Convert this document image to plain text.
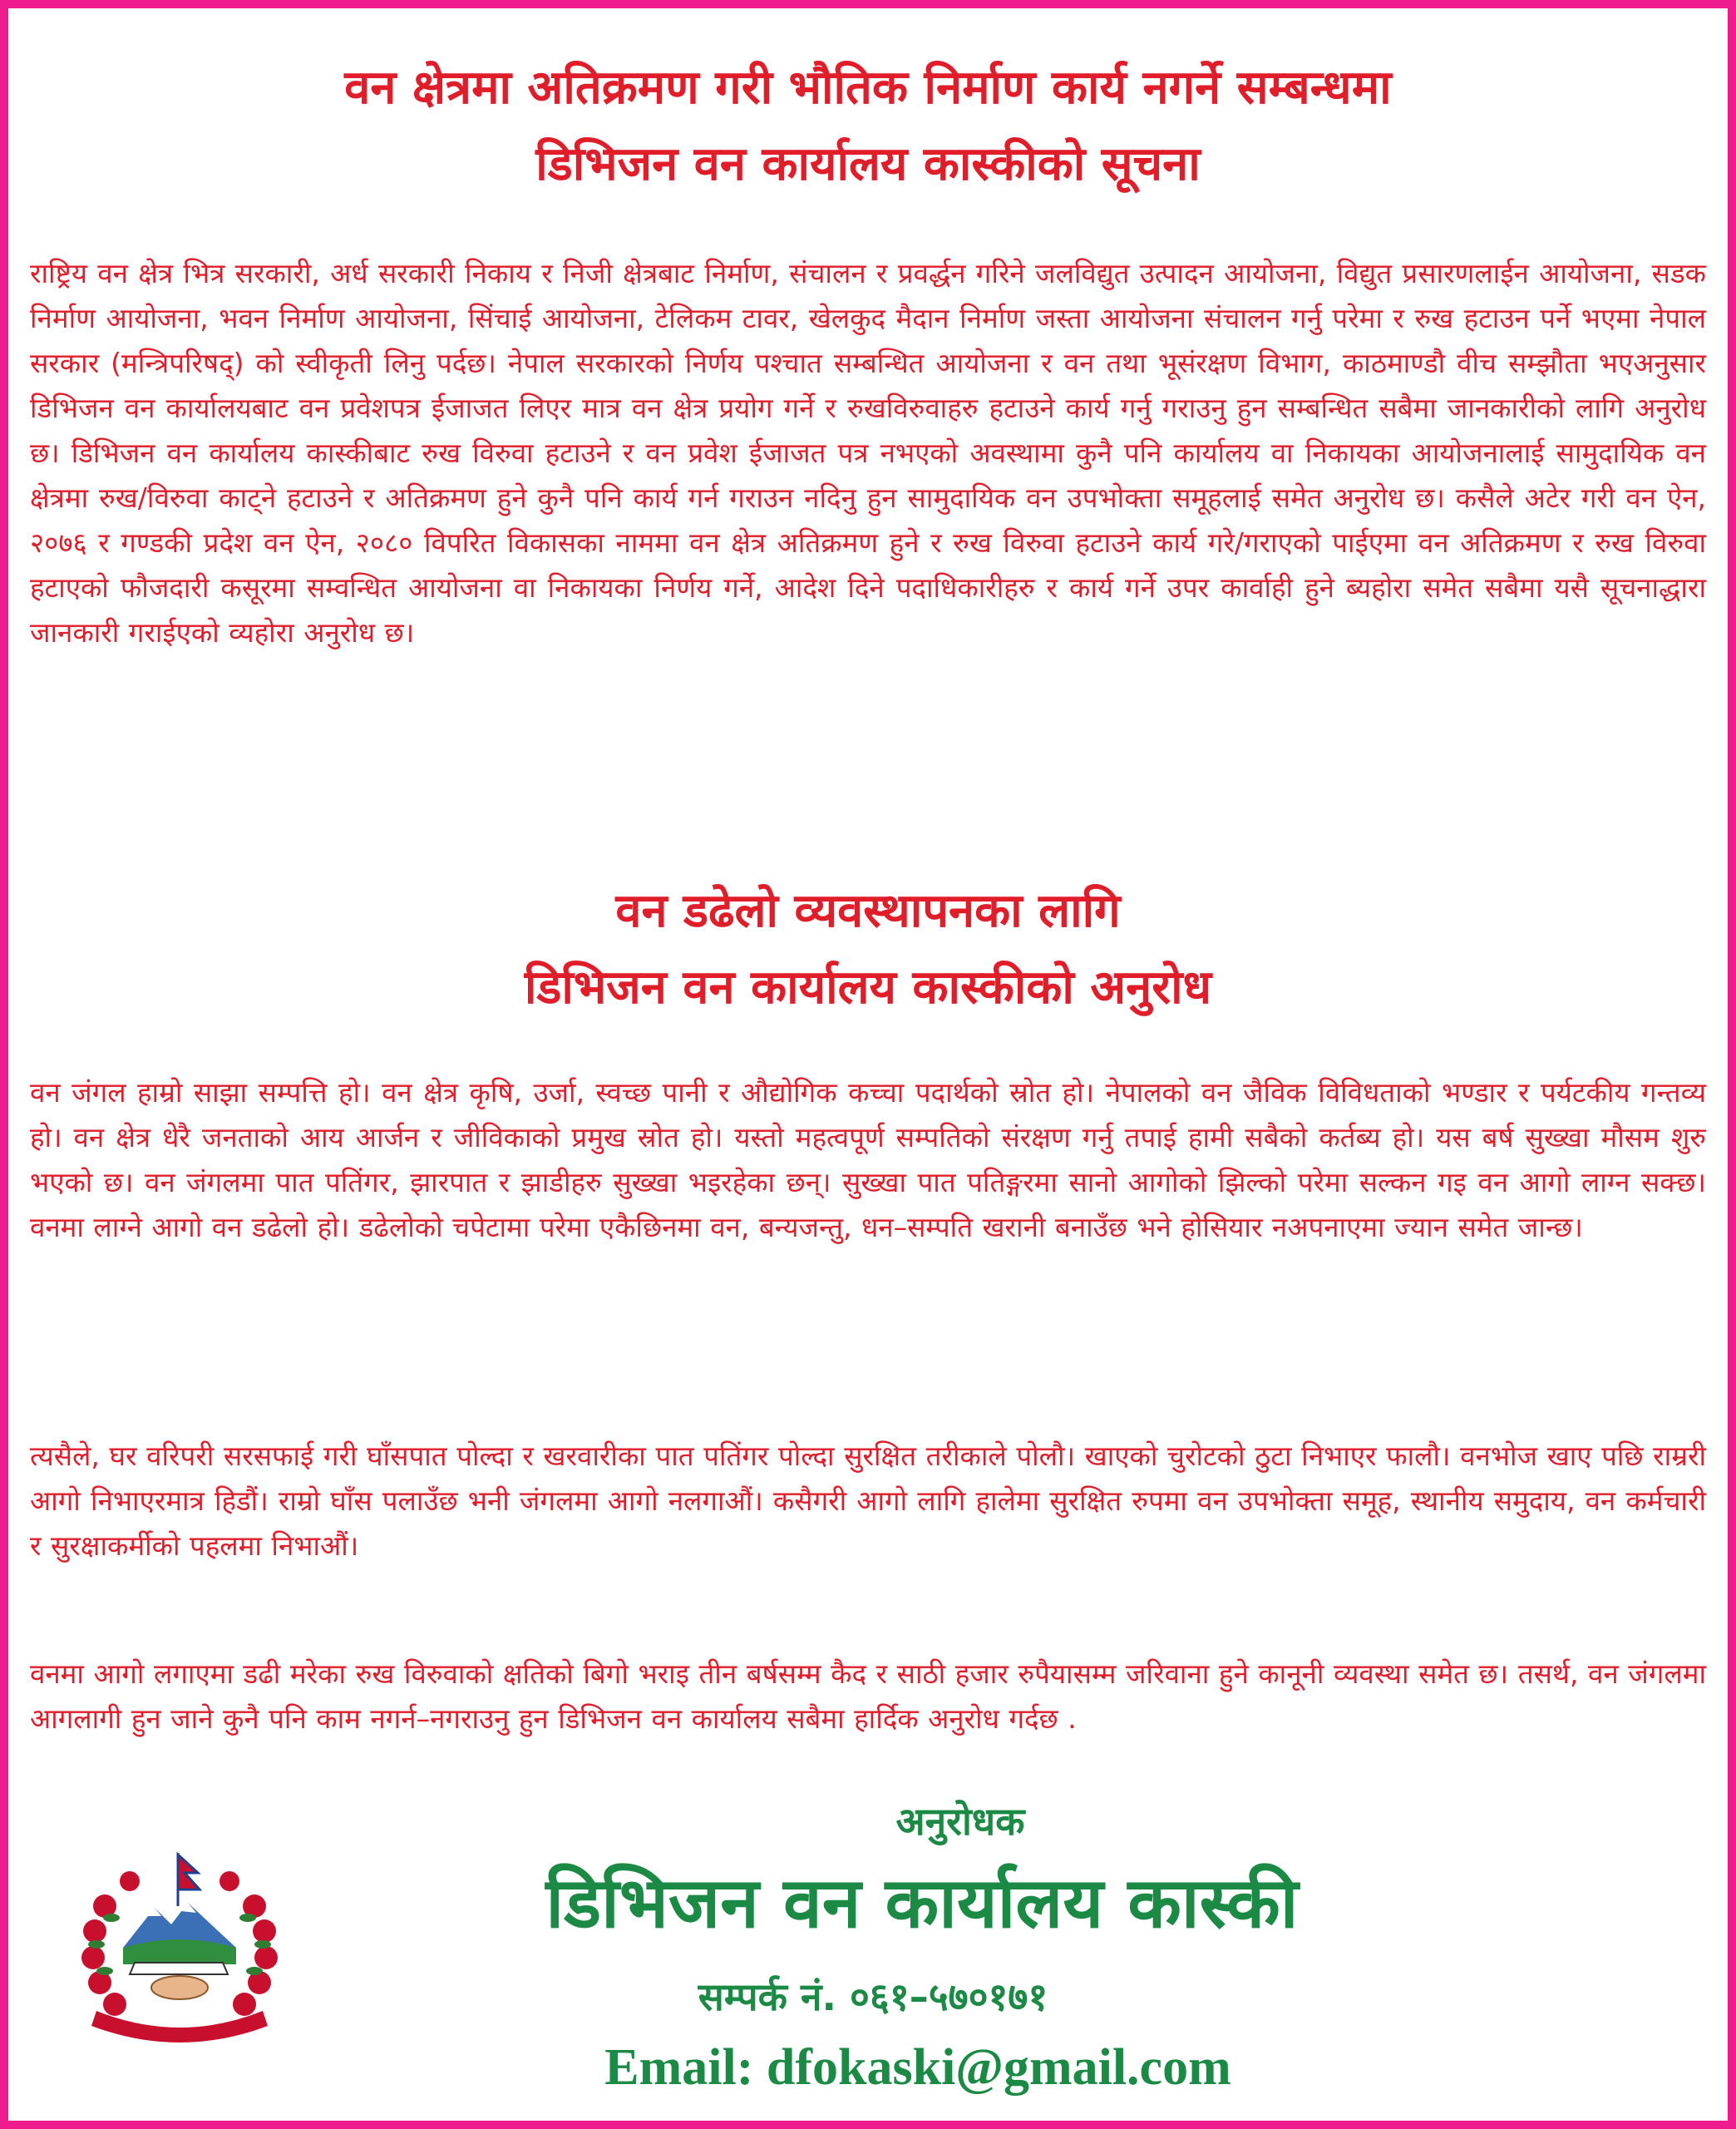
वन क्षेत्रमा अतिक्रमण गरी भौतिक निर्माण कार्य नगर्ने सम्बन्धमा
डिभिजन वन कार्यालय कास्कीको सूचना
राष्ट्रिय वन क्षेत्र भित्र सरकारी, अर्ध सरकारी निकाय र निजी क्षेत्रबाट निर्माण, संचालन र प्रवर्द्धन गरिने जलविद्युत उत्पादन आयोजना, विद्युत प्रसारणलाईन आयोजना, सडक निर्माण आयोजना, भवन निर्माण आयोजना, सिंचाई आयोजना, टेलिकम टावर, खेलकुद मैदान निर्माण जस्ता आयोजना संचालन गर्नु परेमा र रुख हटाउन पर्ने भएमा नेपाल सरकार (मन्त्रिपरिषद्) को स्वीकृती लिनु पर्दछ। नेपाल सरकारको निर्णय पश्चात सम्बन्धित आयोजना र वन तथा भूसंरक्षण विभाग, काठमाण्डौ वीच सम्झौता भएअनुसार डिभिजन वन कार्यालयबाट वन प्रवेशपत्र ईजाजत लिएर मात्र वन क्षेत्र प्रयोग गर्ने र रुखविरुवाहरु हटाउने कार्य गर्नु गराउनु हुन सम्बन्धित सबैमा जानकारीको लागि अनुरोध छ। डिभिजन वन कार्यालय कास्कीबाट रुख विरुवा हटाउने र वन प्रवेश ईजाजत पत्र नभएको अवस्थामा कुनै पनि कार्यालय वा निकायका आयोजनालाई सामुदायिक वन क्षेत्रमा रुख/विरुवा काट्ने हटाउने र अतिक्रमण हुने कुनै पनि कार्य गर्न गराउन नदिनु हुन सामुदायिक वन उपभोक्ता समूहलाई समेत अनुरोध छ। कसैले अटेर गरी वन ऐन, २०७६ र गण्डकी प्रदेश वन ऐन, २०८० विपरित विकासका नाममा वन क्षेत्र अतिक्रमण हुने र रुख विरुवा हटाउने कार्य गरे/गराएको पाईएमा वन अतिक्रमण र रुख विरुवा हटाएको फौजदारी कसूरमा सम्वन्धित आयोजना वा निकायका निर्णय गर्ने, आदेश दिने पदाधिकारीहरु र कार्य गर्ने उपर कार्वाही हुने ब्यहोरा समेत सबैमा यसै सूचनाद्धारा जानकारी गराईएको व्यहोरा अनुरोध छ।
वन डढेलो व्यवस्थापनका लागि
डिभिजन वन कार्यालय कास्कीको अनुरोध
वन जंगल हाम्रो साझा सम्पत्ति हो। वन क्षेत्र कृषि, उर्जा, स्वच्छ पानी र औद्योगिक कच्चा पदार्थको स्रोत हो। नेपालको वन जैविक विविधताको भण्डार र पर्यटकीय गन्तव्य हो। वन क्षेत्र धेरै जनताको आय आर्जन र जीविकाको प्रमुख स्रोत हो। यस्तो महत्वपूर्ण सम्पतिको संरक्षण गर्नु तपाई हामी सबैको कर्तब्य हो। यस बर्ष सुख्खा मौसम शुरु भएको छ। वन जंगलमा पात पतिंगर, झारपात र झाडीहरु सुख्खा भइरहेका छन्। सुख्खा पात पतिङ्गरमा सानो आगोको झिल्को परेमा सल्कन गइ वन आगो लाग्न सक्छ। वनमा लाग्ने आगो वन डढेलो हो। डढेलोको चपेटामा परेमा एकैछिनमा वन, बन्यजन्तु, धन–सम्पति खरानी बनाउँछ भने होसियार नअपनाएमा ज्यान समेत जान्छ।
त्यसैले, घर वरिपरी सरसफाई गरी घाँसपात पोल्दा र खरवारीका पात पतिंगर पोल्दा सुरक्षित तरीकाले पोलौ। खाएको चुरोटको ठुटा निभाएर फालौ। वनभोज खाए पछि राम्ररी आगो निभाएरमात्र हिडौं। राम्रो घाँस पलाउँछ भनी जंगलमा आगो नलगाऔं। कसैगरी आगो लागि हालेमा सुरक्षित रुपमा वन उपभोक्ता समूह, स्थानीय समुदाय, वन कर्मचारी र सुरक्षाकर्मीको पहलमा निभाऔं।
वनमा आगो लगाएमा डढी मरेका रुख विरुवाको क्षतिको बिगो भराइ तीन बर्षसम्म कैद र साठी हजार रुपैयासम्म जरिवाना हुने कानूनी व्यवस्था समेत छ। तसर्थ, वन जंगलमा आगलागी हुन जाने कुनै पनि काम नगर्न–नगराउनु हुन डिभिजन वन कार्यालय सबैमा हार्दिक अनुरोध गर्दछ .
अनुरोधक
डिभिजन वन कार्यालय कास्की
सम्पर्क नं. ०६१–५७०१७१
Email: dfokaski@gmail.com
